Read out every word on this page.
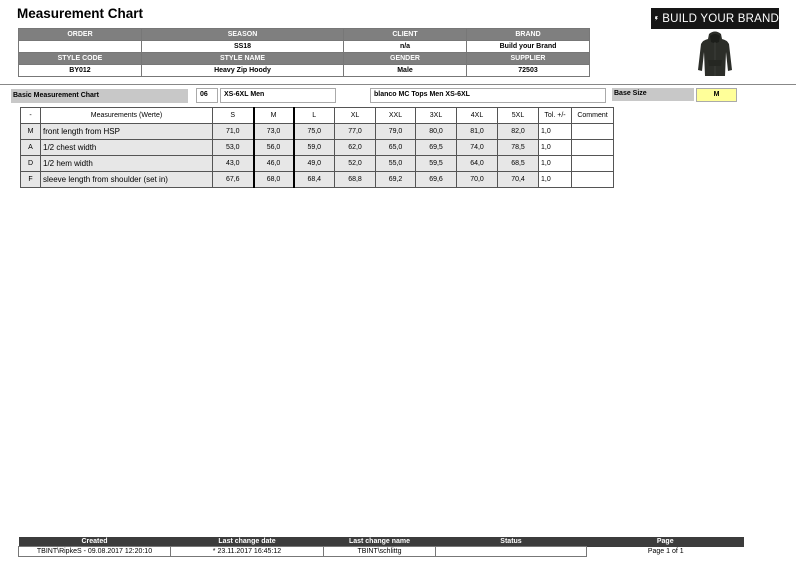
Measurement Chart	BUILD YOUR BRAND
ORDER	SEASON	CLIENT	BRAND
	SS18	n/a	Build your Brand
STYLE CODE	STYLE NAME	GENDER	SUPPLIER
BY012	Heavy Zip Hoody	Male	72503
Basic Measurement Chart	06	XS-6XL Men	blanco MC Tops Men XS-6XL	Base Size	M
-	Measurements (Werte)	S	M	L	XL	XXL	3XL	4XL	5XL	Tol. +/-	Comment
M	front length from HSP	71,0	73,0	75,0	77,0	79,0	80,0	81,0	82,0	1,0	
A	1/2 chest width	53,0	56,0	59,0	62,0	65,0	69,5	74,0	78,5	1,0	
D	1/2 hem width	43,0	46,0	49,0	52,0	55,0	59,5	64,0	68,5	1,0	
F	sleeve length from shoulder (set in)	67,6	68,0	68,4	68,8	69,2	69,6	70,0	70,4	1,0	
Created	Last change date	Last change name	Status	Page
TBINT\RipkeS - 09.08.2017 12:20:10	* 23.11.2017 16:45:12	TBINT\schlittg		Page 1 of 1
